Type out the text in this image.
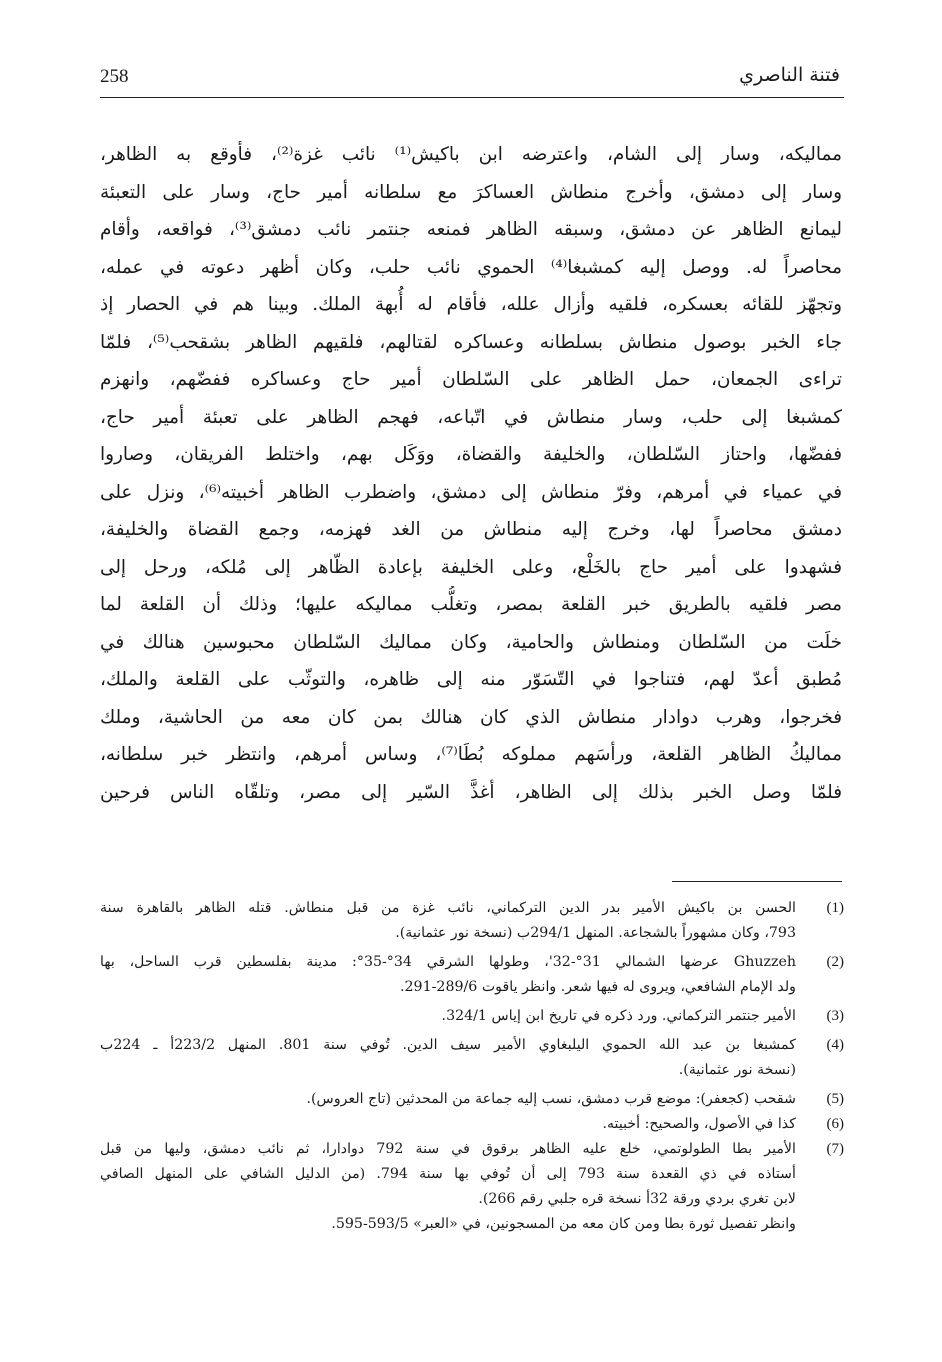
258	فتنة الناصري
مماليكه، وسار إلى الشام، واعترضه ابن باكيش⁽¹⁾ نائب غزة⁽²⁾، فأوقع به الظاهر،
وسار إلى دمشق، وأخرج منطاش العساكرَ مع سلطانه أمير حاج، وسار على التعبئة
ليمانع الظاهر عن دمشق، وسبقه الظاهر فمنعه جنتمر نائب دمشق⁽³⁾، فواقعه، وأقام
محاصراً له. ووصل إليه كمشبغا⁽⁴⁾ الحموي نائب حلب، وكان أظهر دعوته في عمله،
وتجهّز للقائه بعسكره، فلقيه وأزال علله، فأقام له أُبهة الملك. وبينا هم في الحصار إذ
جاء الخبر بوصول منطاش بسلطانه وعساكره لقتالهم، فلقيهم الظاهر بشقحب⁽⁵⁾، فلمّا
تراءى الجمعان، حمل الظاهر على السّلطان أمير حاج وعساكره ففضّهم، وانهزم
كمشبغا إلى حلب، وسار منطاش في اتّباعه، فهجم الظاهر على تعبئة أمير حاج،
ففضّها، واحتاز السّلطان، والخليفة والقضاة، ووَكَل بهم، واختلط الفريقان، وصاروا
في عمياء في أمرهم، وفرّ منطاش إلى دمشق، واضطرب الظاهر أخبيته⁽⁶⁾، ونزل على
دمشق محاصراً لها، وخرج إليه منطاش من الغد فهزمه، وجمع القضاة والخليفة،
فشهدوا على أمير حاج بالخَلْع، وعلى الخليفة بإعادة الظّاهر إلى مُلكه، ورحل إلى
مصر فلقيه بالطريق خبر القلعة بمصر، وتغلُّب مماليكه عليها؛ وذلك أن القلعة لما
خلَت من السّلطان ومنطاش والحامية، وكان مماليك السّلطان محبوسين هنالك في
مُطبق أعدّ لهم، فتناجوا في التّسَوّر منه إلى ظاهره، والتوثّب على القلعة والملك،
فخرجوا، وهرب دوادار منطاش الذي كان هنالك بمن كان معه من الحاشية، وملك
مماليكُ الظاهر القلعة، ورأسَهم مملوكه بُطَا⁽⁷⁾، وساس أمرهم، وانتظر خبر سلطانه،
فلمّا وصل الخبر بذلك إلى الظاهر، أغذَّ السّير إلى مصر، وتلقّاه الناس فرحين
(1)
الحسن بن باكيش الأمير بدر الدين التركماني، نائب غزة من قبل منطاش. قتله الظاهر بالقاهرة سنة
793، وكان مشهوراً بالشجاعة. المنهل 294/1ب (نسخة نور عثمانية).
(2)
Ghuzzeh عرضها الشمالي 31°-32'، وطولها الشرقي 34°-35°: مدينة بفلسطين قرب الساحل، بها
ولد الإمام الشافعي، ويروى له فيها شعر. وانظر ياقوت 289/6-291.
(3)
الأمير جنتمر التركماني. ورد ذكره في تاريخ ابن إياس 324/1.
(4)
كمشبغا بن عبد الله الحموي اليلبغاوي الأمير سيف الدين. تُوفي سنة 801. المنهل 223/2أ ـ 224ب
(نسخة نور عثمانية).
(5)
شقحب (كجعفر): موضع قرب دمشق، نسب إليه جماعة من المحدثين (تاج العروس).
(6)
كذا في الأصول، والصحيح: أخبيته.
(7)
الأمير بطا الطولوتمي، خلع عليه الظاهر برقوق في سنة 792 دوادارا، ثم نائب دمشق، وليها من قبل
أستاذه في ذي القعدة سنة 793 إلى أن تُوفي بها سنة 794. (من الدليل الشافي على المنهل الصافي
لابن تغري بردي ورقة 32أ نسخة قره جلبي رقم 266).
وانظر تفصيل ثورة بطا ومن كان معه من المسجونين، في «العبر» 593/5-595.
